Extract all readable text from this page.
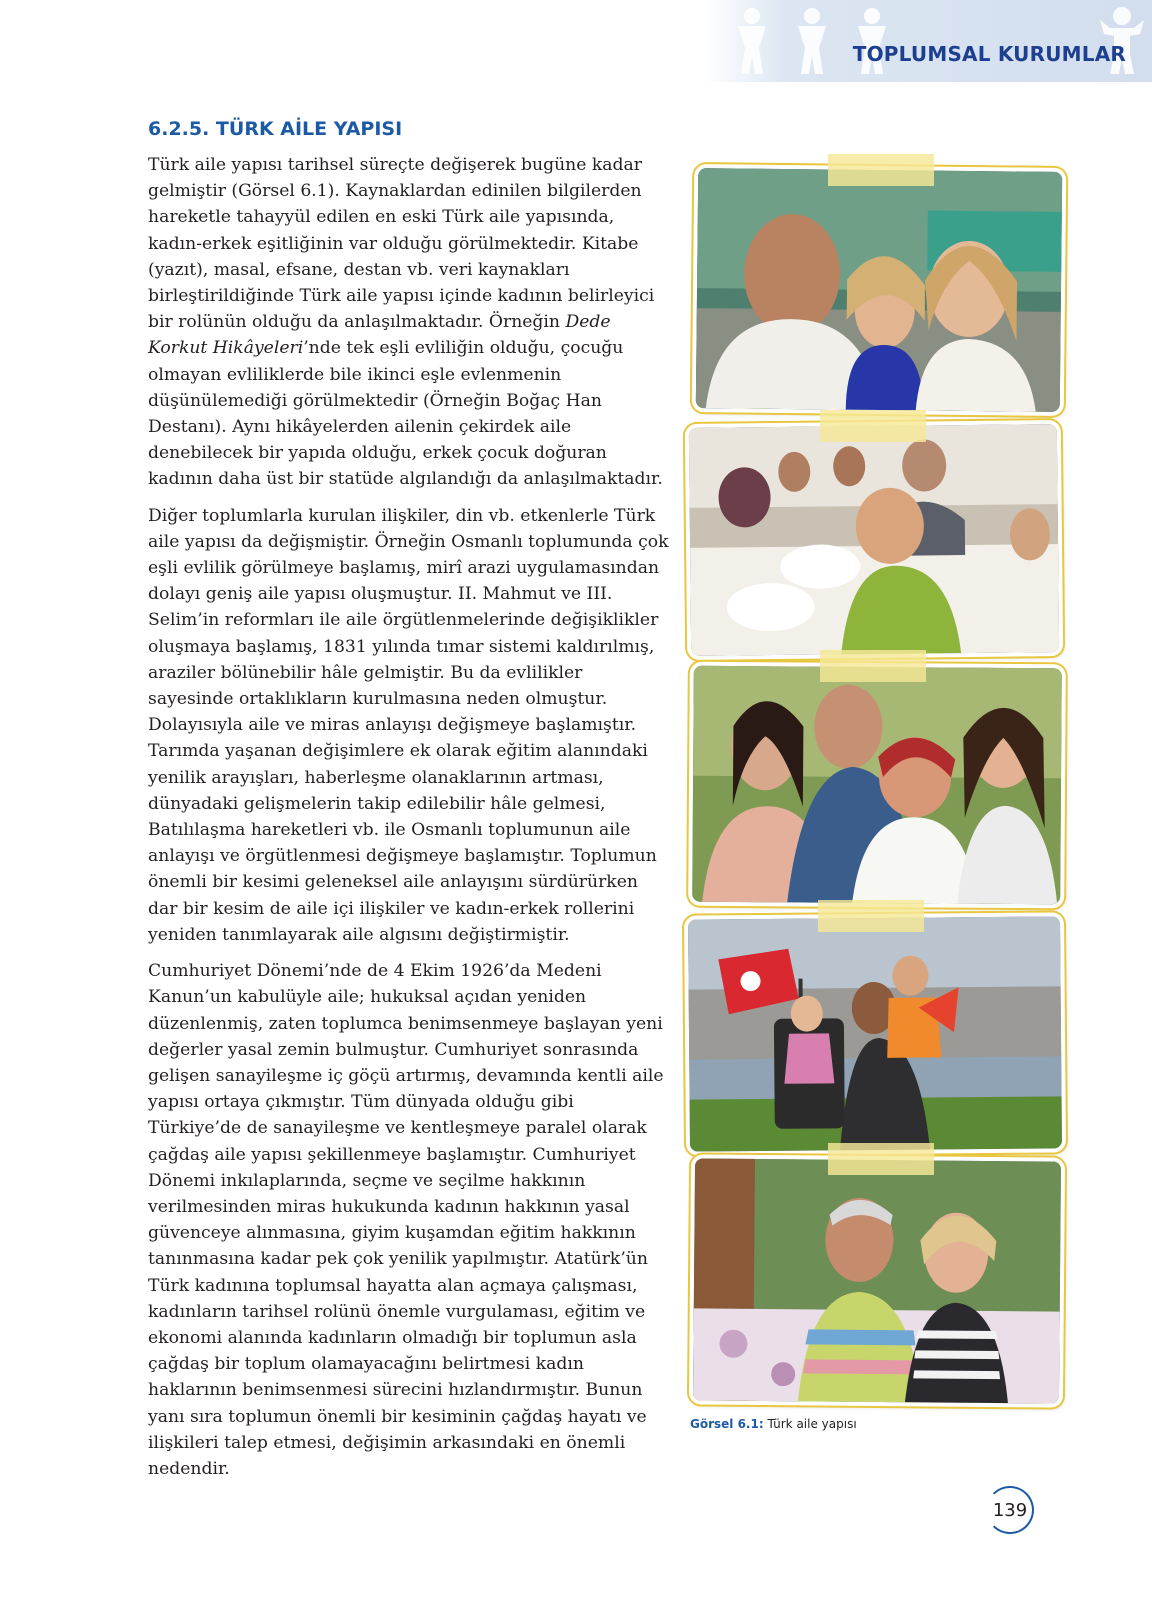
TOPLUMSAL KURUMLAR
6.2.5. TÜRK AİLE YAPISI

Türk aile yapısı tarihsel süreçte değişerek bugüne kadar gelmiştir (Görsel 6.1). Kaynaklardan edinilen bilgilerden hareketle tahayyül edilen en eski Türk aile yapısında, kadın-erkek eşitliğinin var olduğu görülmektedir. Kitabe (yazıt), masal, efsane, destan vb. veri kaynakları birleştirildiğinde Türk aile yapısı içinde kadının belirleyici bir rolünün olduğu da anlaşılmaktadır. Örneğin Dede Korkut Hikâyeleri’nde tek eşli evliliğin olduğu, çocuğu olmayan evliliklerde bile ikinci eşle evlenmenin düşünülemediği görülmektedir (Örneğin Boğaç Han Destanı). Aynı hikâyelerden ailenin çekirdek aile denebilecek bir yapıda olduğu, erkek çocuk doğuran kadının daha üst bir statüde algılandığı da anlaşılmaktadır.

Diğer toplumlarla kurulan ilişkiler, din vb. etkenlerle Türk aile yapısı da değişmiştir. Örneğin Osmanlı toplumunda çok eşli evlilik görülmeye başlamış, mirî arazi uygulamasından dolayı geniş aile yapısı oluşmuştur. II. Mahmut ve III. Selim’in reformları ile aile örgütlenmelerinde değişiklikler oluşmaya başlamış, 1831 yılında tımar sistemi kaldırılmış, araziler bölünebilir hâle gelmiştir. Bu da evlilikler sayesinde ortaklıkların kurulmasına neden olmuştur. Dolayısıyla aile ve miras anlayışı değişmeye başlamıştır. Tarımda yaşanan değişimlere ek olarak eğitim alanındaki yenilik arayışları, haberleşme olanaklarının artması, dünyadaki gelişmelerin takip edilebilir hâle gelmesi, Batılılaşma hareketleri vb. ile Osmanlı toplumunun aile anlayışı ve örgütlenmesi değişmeye başlamıştır. Toplumun önemli bir kesimi geleneksel aile anlayışını sürdürürken dar bir kesim de aile içi ilişkiler ve kadın-erkek rollerini yeniden tanımlayarak aile algısını değiştirmiştir.

Cumhuriyet Dönemi’nde de 4 Ekim 1926’da Medeni Kanun’un kabulüyle aile; hukuksal açıdan yeniden düzenlenmiş, zaten toplumca benimsenmeye başlayan yeni değerler yasal zemin bulmuştur. Cumhuriyet sonrasında gelişen sanayileşme iç göçü artırmış, devamında kentli aile yapısı ortaya çıkmıştır. Tüm dünyada olduğu gibi Türkiye’de de sanayileşme ve kentleşmeye paralel olarak çağdaş aile yapısı şekillenmeye başlamıştır. Cumhuriyet Dönemi inkılaplarında, seçme ve seçilme hakkının verilmesinden miras hukukunda kadının hakkının yasal güvenceye alınmasına, giyim kuşamdan eğitim hakkının tanınmasına kadar pek çok yenilik yapılmıştır. Atatürk’ün Türk kadınına toplumsal hayatta alan açmaya çalışması, kadınların tarihsel rolünü önemle vurgulaması, eğitim ve ekonomi alanında kadınların olmadığı bir toplumun asla çağdaş bir toplum olamayacağını belirtmesi kadın haklarının benimsenmesi sürecini hızlandırmıştır. Bunun yanı sıra toplumun önemli bir kesiminin çağdaş hayatı ve ilişkileri talep etmesi, değişimin arkasındaki en önemli nedendir.

Görsel 6.1: Türk aile yapısı
139
